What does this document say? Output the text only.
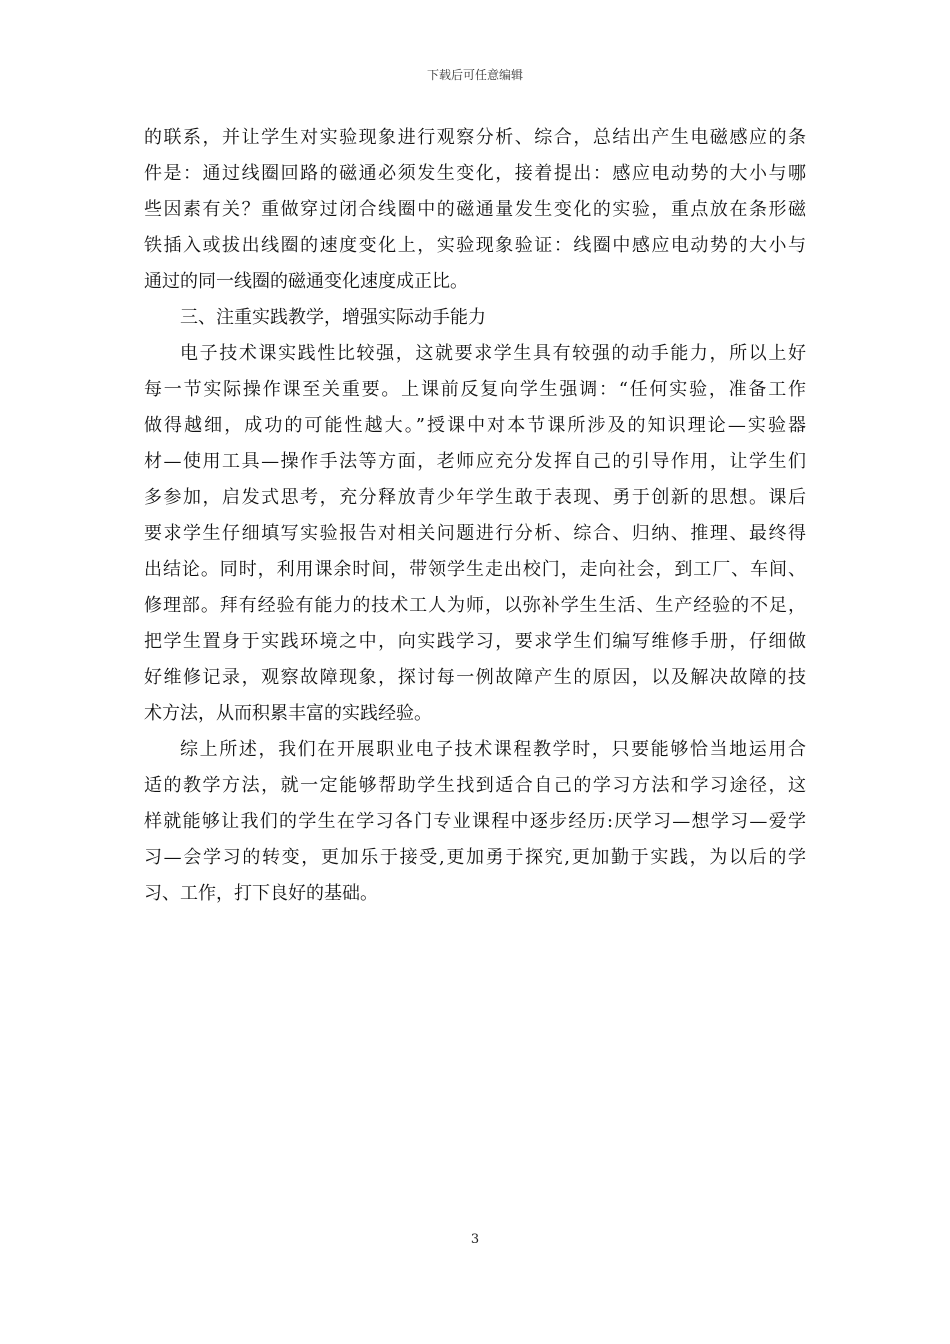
下载后可任意编辑
的联系，并让学生对实验现象进行观察分析、综合，总结出产生电磁感应的条
件是：通过线圈回路的磁通必须发生变化，接着提出：感应电动势的大小与哪
些因素有关？重做穿过闭合线圈中的磁通量发生变化的实验，重点放在条形磁
铁插入或拔出线圈的速度变化上，实验现象验证：线圈中感应电动势的大小与
通过的同一线圈的磁通变化速度成正比。
三、注重实践教学，增强实际动手能力
电子技术课实践性比较强，这就要求学生具有较强的动手能力，所以上好
每一节实际操作课至关重要。上课前反复向学生强调：“任何实验，准备工作
做得越细，成功的可能性越大。”授课中对本节课所涉及的知识理论—实验器
材—使用工具—操作手法等方面，老师应充分发挥自己的引导作用，让学生们
多参加，启发式思考，充分释放青少年学生敢于表现、勇于创新的思想。课后
要求学生仔细填写实验报告对相关问题进行分析、综合、归纳、推理、最终得
出结论。同时，利用课余时间，带领学生走出校门，走向社会，到工厂、车间、
修理部。拜有经验有能力的技术工人为师，以弥补学生生活、生产经验的不足，
把学生置身于实践环境之中，向实践学习，要求学生们编写维修手册，仔细做
好维修记录，观察故障现象，探讨每一例故障产生的原因，以及解决故障的技
术方法，从而积累丰富的实践经验。
综上所述，我们在开展职业电子技术课程教学时，只要能够恰当地运用合
适的教学方法，就一定能够帮助学生找到适合自己的学习方法和学习途径，这
样就能够让我们的学生在学习各门专业课程中逐步经历:厌学习—想学习—爱学
习—会学习的转变，更加乐于接受,更加勇于探究,更加勤于实践，为以后的学
习、工作，打下良好的基础。
3
